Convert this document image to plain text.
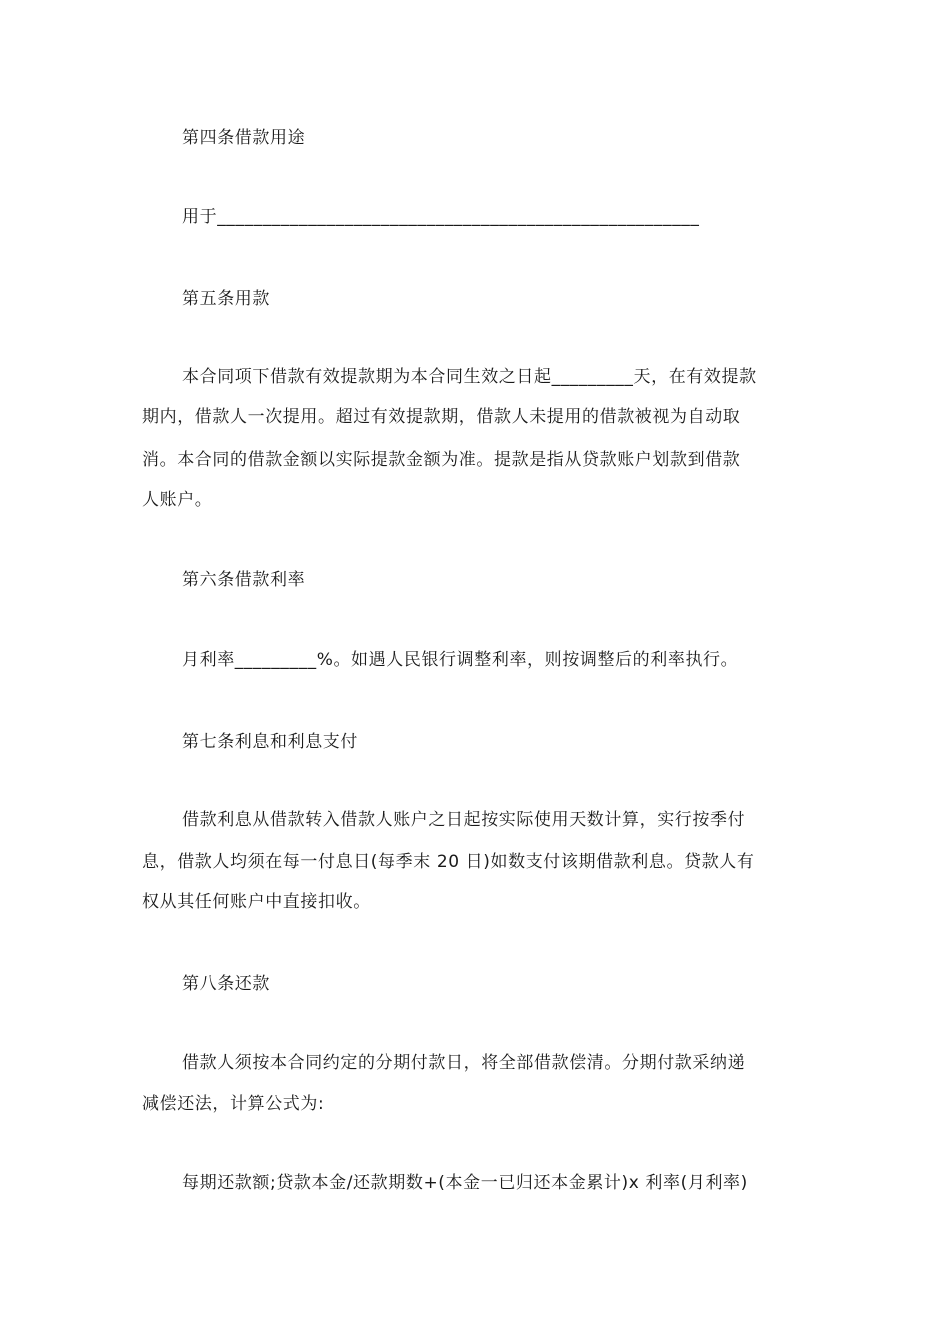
第四条借款用途
用于_____________________________________________________
第五条用款
本合同项下借款有效提款期为本合同生效之日起_________天，在有效提款
期内，借款人一次提用。超过有效提款期，借款人未提用的借款被视为自动取
消。本合同的借款金额以实际提款金额为准。提款是指从贷款账户划款到借款
人账户。
第六条借款利率
月利率_________%。如遇人民银行调整利率，则按调整后的利率执行。
第七条利息和利息支付
借款利息从借款转入借款人账户之日起按实际使用天数计算，实行按季付
息，借款人均须在每一付息日(每季末 20 日)如数支付该期借款利息。贷款人有
权从其任何账户中直接扣收。
第八条还款
借款人须按本合同约定的分期付款日，将全部借款偿清。分期付款采纳递
减偿还法，计算公式为:
每期还款额;贷款本金/还款期数+(本金一已归还本金累计)x 利率(月利率)
